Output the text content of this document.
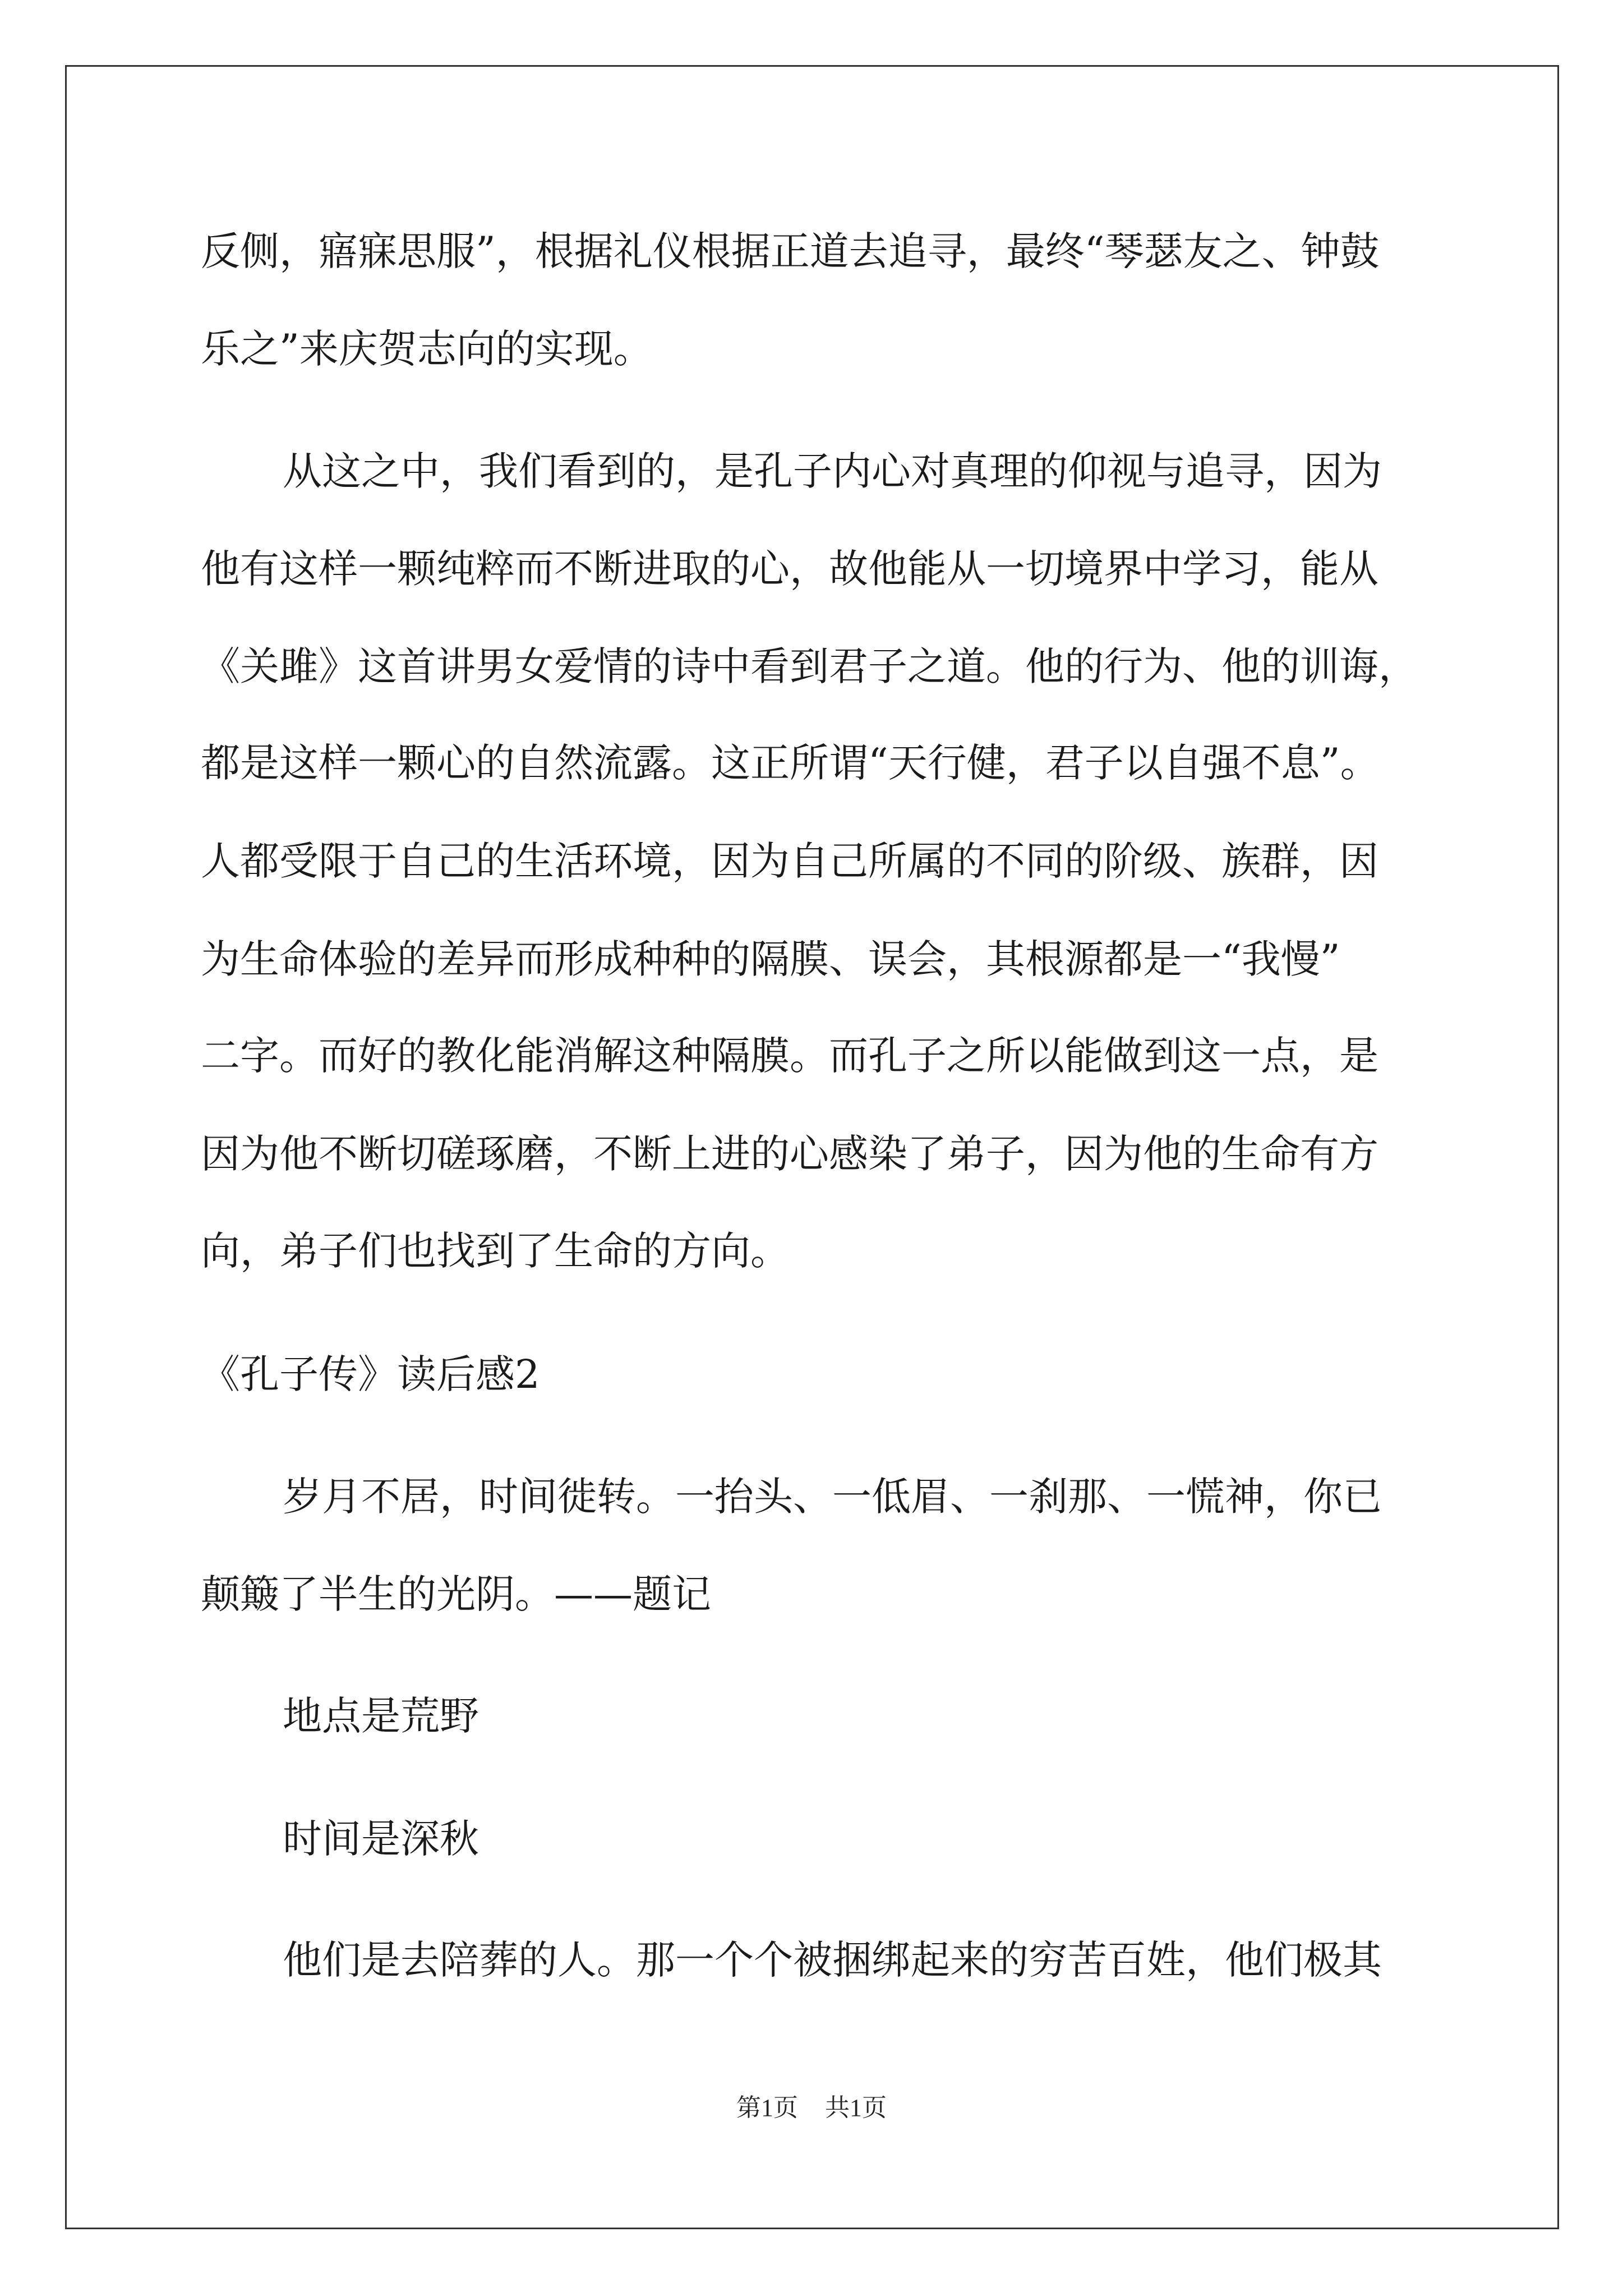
反侧，寤寐思服”，根据礼仪根据正道去追寻，最终“琴瑟友之、钟鼓
乐之”来庆贺志向的实现。
从这之中，我们看到的，是孔子内心对真理的仰视与追寻，因为
他有这样一颗纯粹而不断进取的心，故他能从一切境界中学习，能从
《关雎》这首讲男女爱情的诗中看到君子之道。他的行为、他的训诲，
都是这样一颗心的自然流露。这正所谓“天行健，君子以自强不息”。
人都受限于自己的生活环境，因为自己所属的不同的阶级、族群，因
为生命体验的差异而形成种种的隔膜、误会，其根源都是一“我慢”
二字。而好的教化能消解这种隔膜。而孔子之所以能做到这一点，是
因为他不断切磋琢磨，不断上进的心感染了弟子，因为他的生命有方
向，弟子们也找到了生命的方向。
《孔子传》读后感2
岁月不居，时间徙转。一抬头、一低眉、一刹那、一慌神，你已
颠簸了半生的光阴。——题记
地点是荒野
时间是深秋
他们是去陪葬的人。那一个个被捆绑起来的穷苦百姓，他们极其
第1页 共1页
